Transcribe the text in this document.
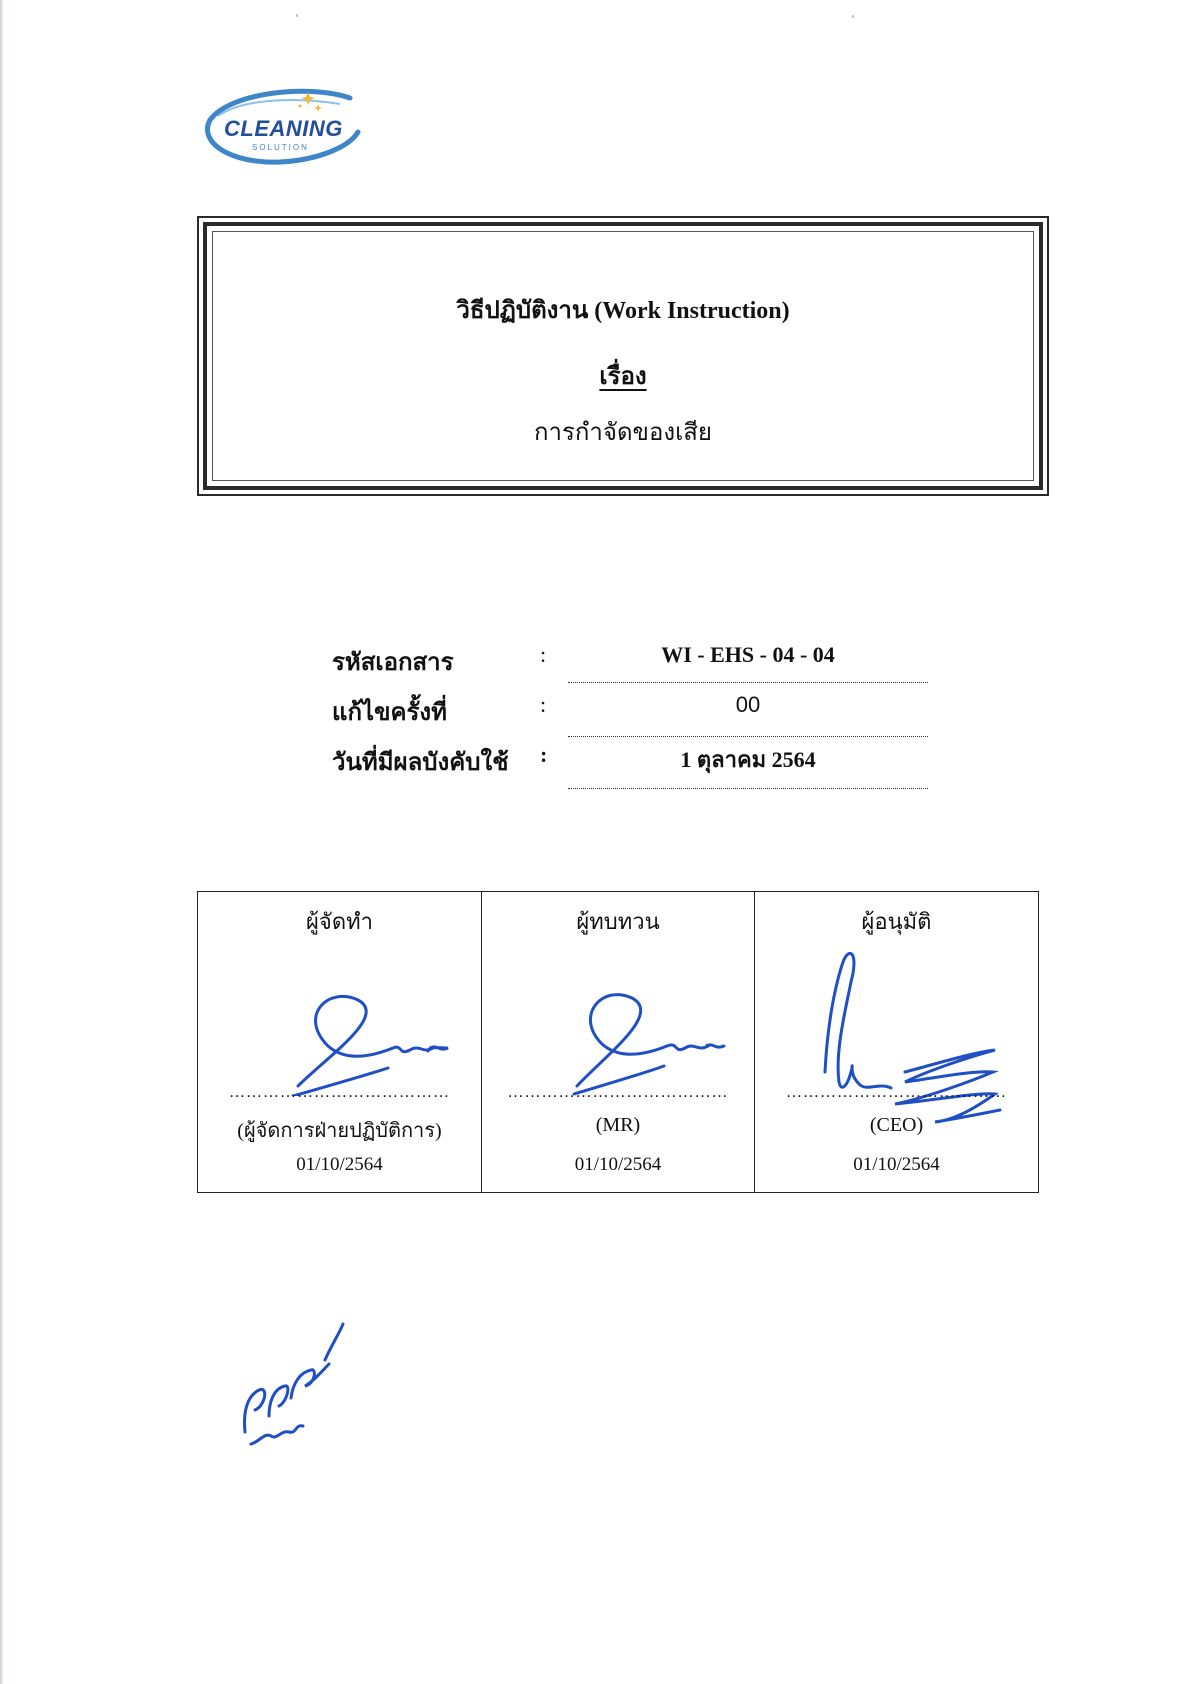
CLEANING
SOLUTION
วิธีปฏิบัติงาน (Work Instruction)
เรื่อง
การกำจัดของเสีย
รหัสเอกสาร	:	WI - EHS - 04 - 04
แก้ไขครั้งที่	:	00
วันที่มีผลบังคับใช้ :	1 ตุลาคม 2564
ผู้จัดทำ
…………………………………
(ผู้จัดการฝ่ายปฏิบัติการ)
01/10/2564

ผู้ทบทวน
…………………………………
(MR)
01/10/2564

ผู้อนุมัติ
…………………………………
(CEO)
01/10/2564
